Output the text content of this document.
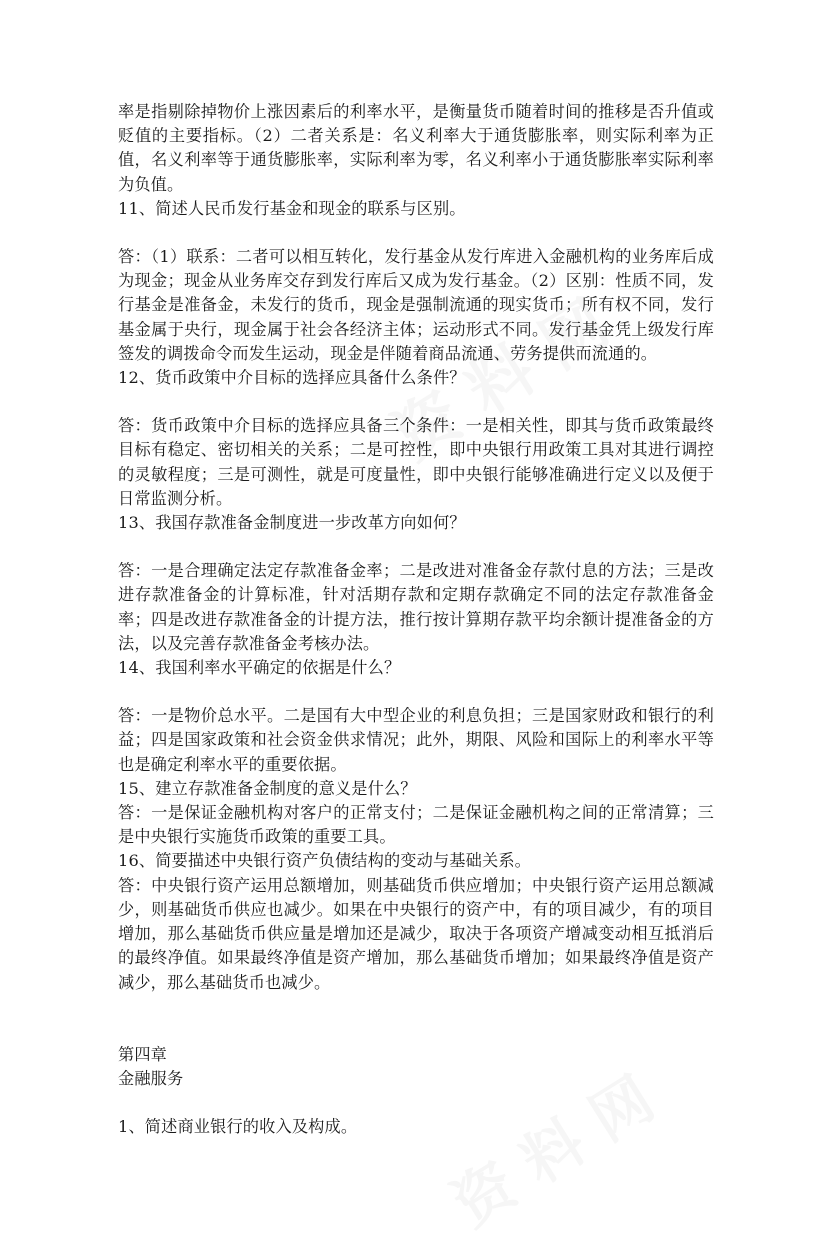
率是指剔除掉物价上涨因素后的利率水平，是衡量货币随着时间的推移是否升值或贬值的主要指标。（2）二者关系是：名义利率大于通货膨胀率，则实际利率为正值，名义利率等于通货膨胀率，实际利率为零，名义利率小于通货膨胀率实际利率为负值。

11、简述人民币发行基金和现金的联系与区别。

答：（1）联系：二者可以相互转化，发行基金从发行库进入金融机构的业务库后成为现金；现金从业务库交存到发行库后又成为发行基金。（2）区别：性质不同，发行基金是准备金，未发行的货币，现金是强制流通的现实货币；所有权不同，发行基金属于央行，现金属于社会各经济主体；运动形式不同。发行基金凭上级发行库签发的调拨命令而发生运动，现金是伴随着商品流通、劳务提供而流通的。

12、货币政策中介目标的选择应具备什么条件？

答：货币政策中介目标的选择应具备三个条件：一是相关性，即其与货币政策最终目标有稳定、密切相关的关系；二是可控性，即中央银行用政策工具对其进行调控的灵敏程度；三是可测性，就是可度量性，即中央银行能够准确进行定义以及便于日常监测分析。

13、我国存款准备金制度进一步改革方向如何？

答：一是合理确定法定存款准备金率；二是改进对准备金存款付息的方法；三是改进存款准备金的计算标准，针对活期存款和定期存款确定不同的法定存款准备金率；四是改进存款准备金的计提方法，推行按计算期存款平均余额计提准备金的方法，以及完善存款准备金考核办法。

14、我国利率水平确定的依据是什么？

答：一是物价总水平。二是国有大中型企业的利息负担；三是国家财政和银行的利益；四是国家政策和社会资金供求情况；此外，期限、风险和国际上的利率水平等也是确定利率水平的重要依据。

15、建立存款准备金制度的意义是什么？

答：一是保证金融机构对客户的正常支付；二是保证金融机构之间的正常清算；三是中央银行实施货币政策的重要工具。

16、简要描述中央银行资产负债结构的变动与基础关系。

答：中央银行资产运用总额增加，则基础货币供应增加；中央银行资产运用总额减少，则基础货币供应也减少。如果在中央银行的资产中，有的项目减少，有的项目增加，那么基础货币供应量是增加还是减少，取决于各项资产增减变动相互抵消后的最终净值。如果最终净值是资产增加，那么基础货币增加；如果最终净值是资产减少，那么基础货币也减少。

第四章

金融服务

1、简述商业银行的收入及构成。
